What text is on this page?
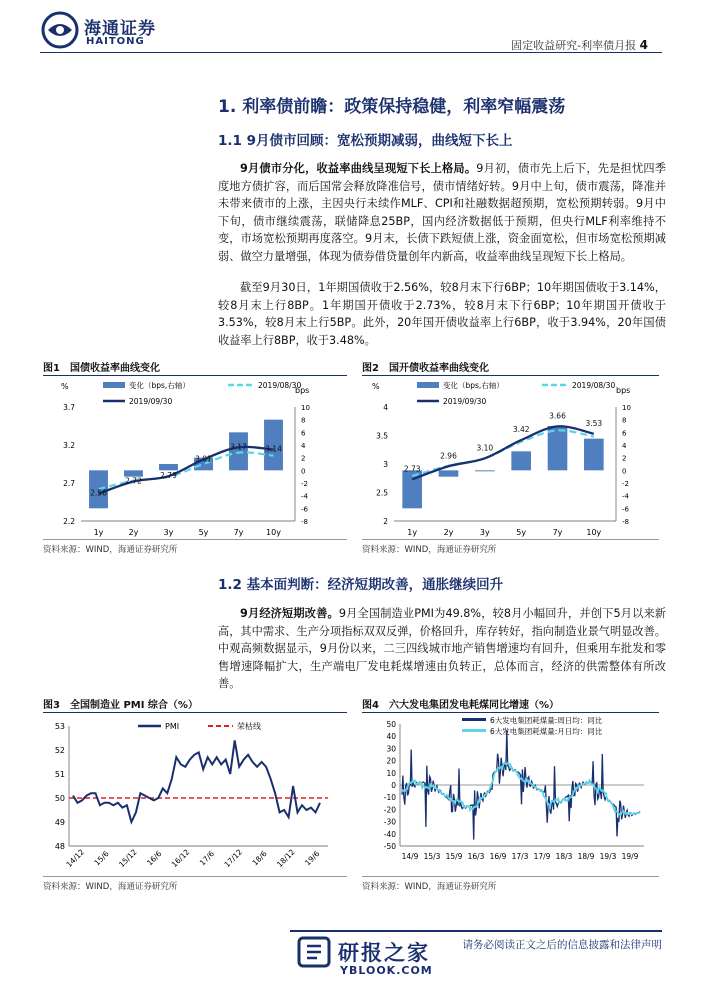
海通证券
HAITONG	固定收益研究-利率债月报 4
1. 利率债前瞻：政策保持稳健，利率窄幅震荡
1.1 9月债市回顾：宽松预期减弱，曲线短下长上

9月债市分化，收益率曲线呈现短下长上格局。9月初，债市先上后下，先是担忧四季度地方债扩容，而后国常会释放降准信号，债市情绪好转。9月中上旬，债市震荡，降准并未带来债市的上涨，主因央行未续作MLF、CPI和社融数据超预期，宽松预期转弱。9月中下旬，债市继续震荡，联储降息25BP，国内经济数据低于预期，但央行MLF利率维持不变，市场宽松预期再度落空。9月末，长债下跌短债上涨，资金面宽松，但市场宽松预期减弱、做空力量增强，体现为债券借贷量创年内新高，收益率曲线呈现短下长上格局。

截至9月30日，1年期国债收于2.56%，较8月末下行6BP；10年期国债收于3.14%，较8月末上行8BP。1年期国开债收于2.73%，较8月末下行6BP；10年期国开债收于3.53%，较8月末上行5BP。此外，20年国开债收益率上行6BP，收于3.94%，20年国债收益率上行8BP，收于3.48%。

图1　国债收益率曲线变化
%	变化（bps,右轴）	2019/08/30
2019/09/30
bps
3.7
3.2
2.7
2.2
10
8
6
4
2
0
-2
-4
-6
-8
2.56
2.72
2.79
3.01
3.17 3.14
1y	2y	3y	5y	7y	10y
资料来源：WIND，海通证券研究所
图2　国开债收益率曲线变化
%	变化（bps,右轴）	2019/08/30
2019/09/30
bps
4
3.5
3
2.5
2
10
8
6
4
2
0
-2
-4
-6
-8
2.73
2.96
3.10
3.42
3.66
3.53
1y	2y	3y	5y	7y	10y
资料来源：WIND，海通证券研究所
1.2 基本面判断：经济短期改善，通胀继续回升

9月经济短期改善。9月全国制造业PMI为49.8%，较8月小幅回升，并创下5月以来新高，其中需求、生产分项指标双双反弹，价格回升，库存转好，指向制造业景气明显改善。中观高频数据显示，9月份以来，二三四线城市地产销售增速均有回升，但乘用车批发和零售增速降幅扩大，生产端电厂发电耗煤增速由负转正，总体而言，经济的供需整体有所改善。

图3　全国制造业 PMI 综合（%）
PMI	荣枯线
53
52
51
50
49
48
14/12 15/6 15/12 16/6 16/12 17/6 17/12 18/6 18/12 19/6
资料来源：WIND，海通证券研究所
图4　六大发电集团发电耗煤同比增速（%）
6大发电集团耗煤量:周日均：同比
6大发电集团耗煤量:月日均：同比
50
40
30
20
10
0
-10
-20
-30
-40
-50
14/9 15/3 15/9 16/3 16/9 17/3 17/9 18/3 18/9 19/3 19/9
资料来源：WIND，海通证券研究所
研报之家
YBLOOK.COM
请务必阅读正文之后的信息披露和法律声明
